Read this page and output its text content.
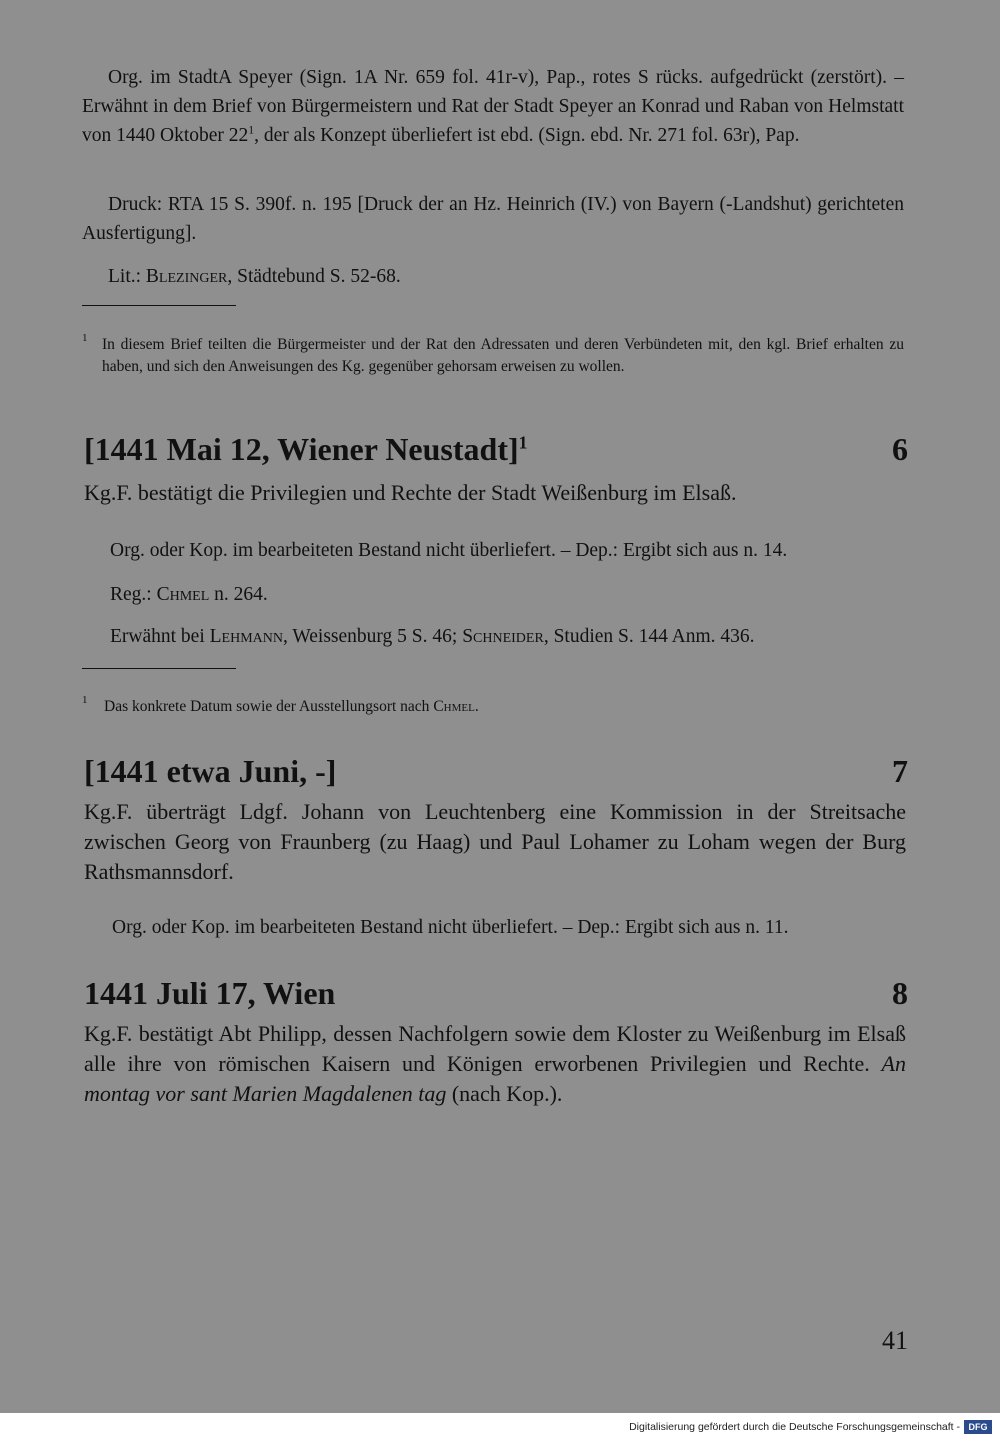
Org. im StadtA Speyer (Sign. 1A Nr. 659 fol. 41r-v), Pap., rotes S rücks. aufgedrückt (zerstört). – Erwähnt in dem Brief von Bürgermeistern und Rat der Stadt Speyer an Konrad und Raban von Helmstatt von 1440 Oktober $22^1$, der als Konzept überliefert ist ebd. (Sign. ebd. Nr. 271 fol. 63r), Pap.

Druck: RTA 15 S. 390f. n. 195 [Druck der an Hz. Heinrich (IV.) von Bayern (-Landshut) gerichteten Ausfertigung].

Lit.: Blezinger, Städtebund S. 52-68.

1 In diesem Brief teilten die Bürgermeister und der Rat den Adressaten und deren Verbündeten mit, den kgl. Brief erhalten zu haben, und sich den Anweisungen des Kg. gegenüber gehorsam erweisen zu wollen.

[1441 Mai 12, Wiener Neustadt]$^1$	6

Kg.F. bestätigt die Privilegien und Rechte der Stadt Weißenburg im Elsaß.

Org. oder Kop. im bearbeiteten Bestand nicht überliefert. – Dep.: Ergibt sich aus n. 14.

Reg.: Chmel n. 264.

Erwähnt bei Lehmann, Weissenburg 5 S. 46; Schneider, Studien S. 144 Anm. 436.

1 Das konkrete Datum sowie der Ausstellungsort nach Chmel.

[1441 etwa Juni, -]	7

Kg.F. überträgt Ldgf. Johann von Leuchtenberg eine Kommission in der Streitsache zwischen Georg von Fraunberg (zu Haag) und Paul Lohamer zu Loham wegen der Burg Rathsmannsdorf.

Org. oder Kop. im bearbeiteten Bestand nicht überliefert. – Dep.: Ergibt sich aus n. 11.

1441 Juli 17, Wien	8

Kg.F. bestätigt Abt Philipp, dessen Nachfolgern sowie dem Kloster zu Weißenburg im Elsaß alle ihre von römischen Kaisern und Königen erworbenen Privilegien und Rechte. An montag vor sant Marien Magdalenen tag (nach Kop.).

41
Digitalisierung gefördert durch die Deutsche Forschungsgemeinschaft - DFG
